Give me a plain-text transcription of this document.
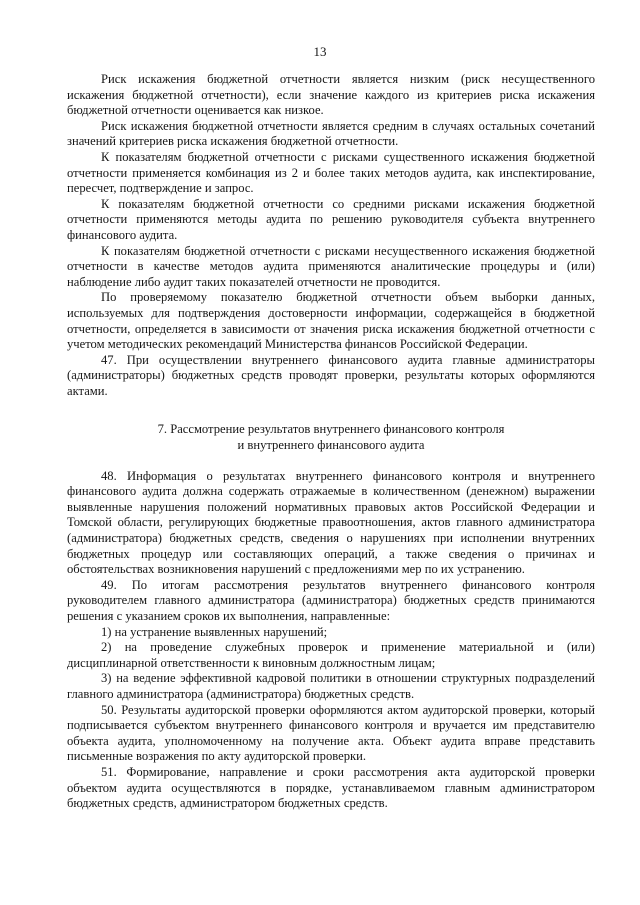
13

Риск искажения бюджетной отчетности является низким (риск несущественного искажения бюджетной отчетности), если значение каждого из критериев риска искажения бюджетной отчетности оценивается как низкое.

Риск искажения бюджетной отчетности является средним в случаях остальных сочетаний значений критериев риска искажения бюджетной отчетности.

К показателям бюджетной отчетности с рисками существенного искажения бюджетной отчетности применяется комбинация из 2 и более таких методов аудита, как инспектирование, пересчет, подтверждение и запрос.

К показателям бюджетной отчетности со средними рисками искажения бюджетной отчетности применяются методы аудита по решению руководителя субъекта внутреннего финансового аудита.

К показателям бюджетной отчетности с рисками несущественного искажения бюджетной отчетности в качестве методов аудита применяются аналитические процедуры и (или) наблюдение либо аудит таких показателей отчетности не проводится.

По проверяемому показателю бюджетной отчетности объем выборки данных, используемых для подтверждения достоверности информации, содержащейся в бюджетной отчетности, определяется в зависимости от значения риска искажения бюджетной отчетности с учетом методических рекомендаций Министерства финансов Российской Федерации.

47. При осуществлении внутреннего финансового аудита главные администраторы (администраторы) бюджетных средств проводят проверки, результаты которых оформляются актами.

7. Рассмотрение результатов внутреннего финансового контроля
и внутреннего финансового аудита

48. Информация о результатах внутреннего финансового контроля и внутреннего финансового аудита должна содержать отражаемые в количественном (денежном) выражении выявленные нарушения положений нормативных правовых актов Российской Федерации и Томской области, регулирующих бюджетные правоотношения, актов главного администратора (администратора) бюджетных средств, сведения о нарушениях при исполнении внутренних бюджетных процедур или составляющих операций, а также сведения о причинах и обстоятельствах возникновения нарушений с предложениями мер по их устранению.

49. По итогам рассмотрения результатов внутреннего финансового контроля руководителем главного администратора (администратора) бюджетных средств принимаются решения с указанием сроков их выполнения, направленные:

1) на устранение выявленных нарушений;

2) на проведение служебных проверок и применение материальной и (или) дисциплинарной ответственности к виновным должностным лицам;

3) на ведение эффективной кадровой политики в отношении структурных подразделений главного администратора (администратора) бюджетных средств.

50. Результаты аудиторской проверки оформляются актом аудиторской проверки, который подписывается субъектом внутреннего финансового контроля и вручается им представителю объекта аудита, уполномоченному на получение акта. Объект аудита вправе представить письменные возражения по акту аудиторской проверки.

51. Формирование, направление и сроки рассмотрения акта аудиторской проверки объектом аудита осуществляются в порядке, устанавливаемом главным администратором бюджетных средств, администратором бюджетных средств.
